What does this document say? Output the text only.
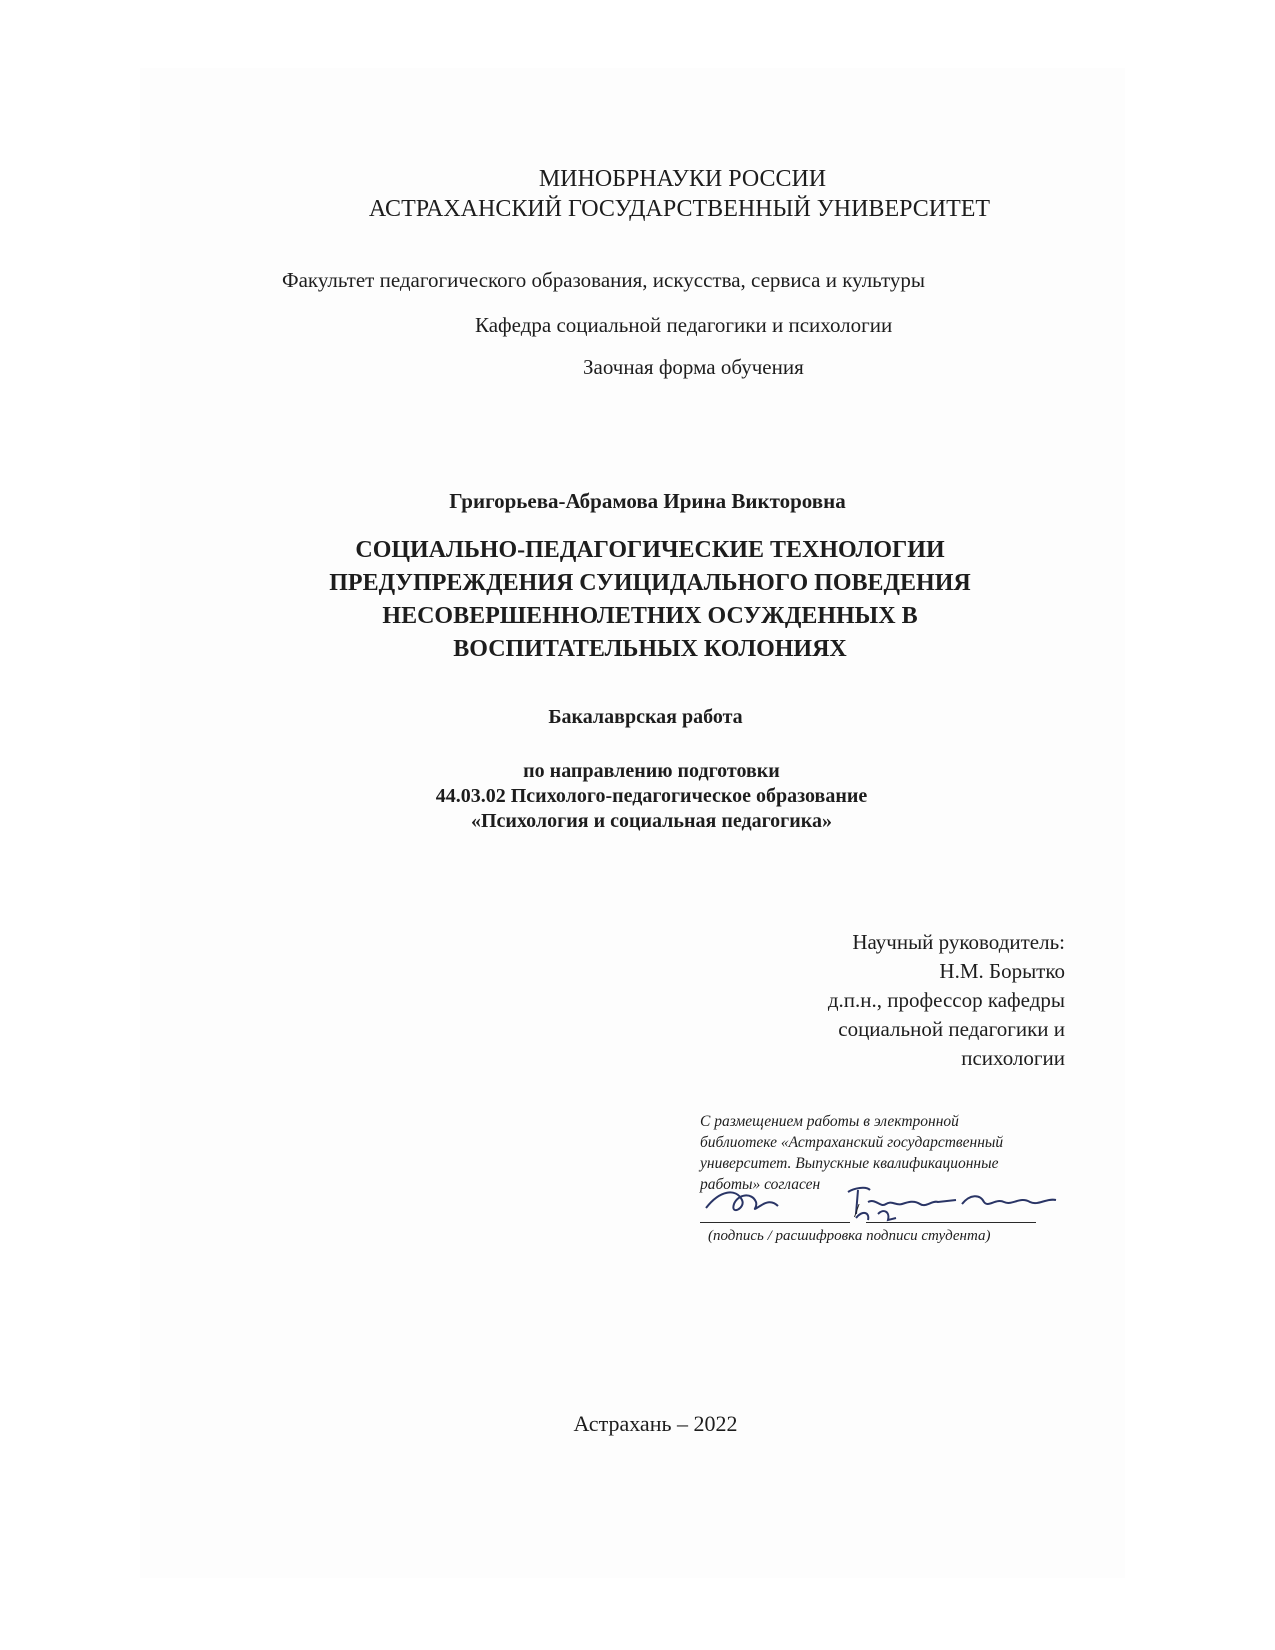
МИНОБРНАУКИ РОССИИ
АСТРАХАНСКИЙ ГОСУДАРСТВЕННЫЙ УНИВЕРСИТЕТ
Факультет педагогического образования, искусства, сервиса и культуры
Кафедра социальной педагогики и психологии
Заочная форма обучения
Григорьева-Абрамова Ирина Викторовна
СОЦИАЛЬНО-ПЕДАГОГИЧЕСКИЕ ТЕХНОЛОГИИ
ПРЕДУПРЕЖДЕНИЯ СУИЦИДАЛЬНОГО ПОВЕДЕНИЯ
НЕСОВЕРШЕННОЛЕТНИХ ОСУЖДЕННЫХ В
ВОСПИТАТЕЛЬНЫХ КОЛОНИЯХ
Бакалаврская работа
по направлению подготовки
44.03.02 Психолого-педагогическое образование
«Психология и социальная педагогика»
Научный руководитель:
Н.М. Борытко
д.п.н., профессор кафедры
социальной педагогики и
психологии
С размещением работы в электронной
библиотеке «Астраханский государственный
университет. Выпускные квалификационные
работы» согласен
/
(подпись / расшифровка подписи студента)
Астрахань – 2022
